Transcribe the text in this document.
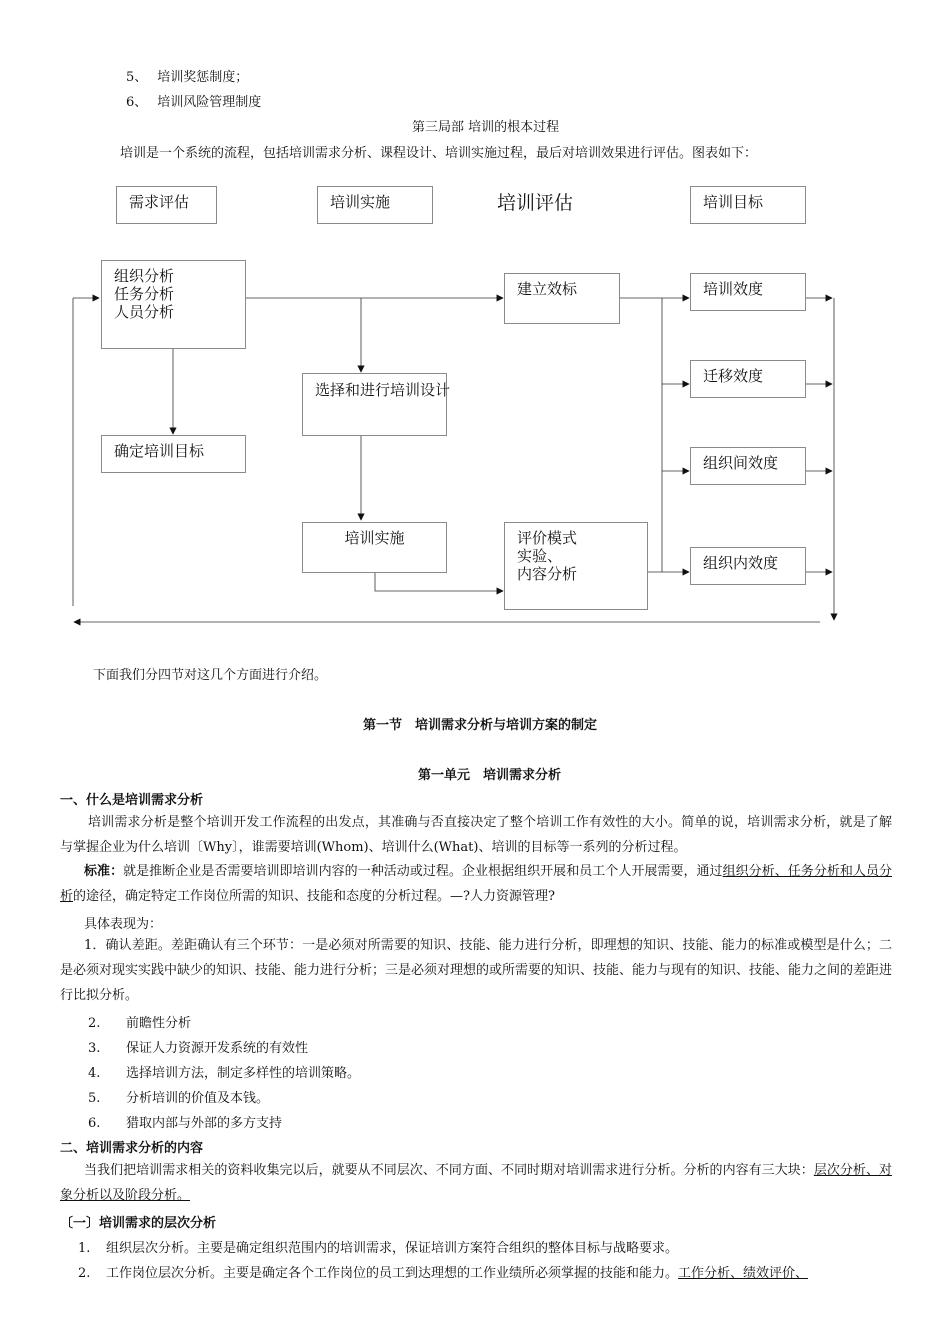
5、 培训奖惩制度；
6、 培训风险管理制度
第三局部 培训的根本过程
培训是一个系统的流程，包括培训需求分析、课程设计、培训实施过程，最后对培训效果进行评估。图表如下：
需求评估	培训实施	培训评估	培训目标
组织分析
任务分析
人员分析
确定培训目标
选择和进行培训设计
培训实施
建立效标
评价模式
实验、
内容分析
培训效度
迁移效度
组织间效度
组织内效度
下面我们分四节对这几个方面进行介绍。
第一节　培训需求分析与培训方案的制定
第一单元　培训需求分析
一、什么是培训需求分析
培训需求分析是整个培训开发工作流程的出发点，其准确与否直接决定了整个培训工作有效性的大小。简单的说，培训需求分析，就是了解与掌握企业为什么培训〔Why〕，谁需要培训(Whom)、培训什么(What)、培训的目标等一系列的分析过程。
标准：就是推断企业是否需要培训即培训内容的一种活动或过程。企业根据组织开展和员工个人开展需要，通过组织分析、任务分析和人员分析的途径，确定特定工作岗位所需的知识、技能和态度的分析过程。—?人力资源管理?
具体表现为：
1．确认差距。差距确认有三个环节：一是必须对所需要的知识、技能、能力进行分析，即理想的知识、技能、能力的标准或模型是什么；二是必须对现实实践中缺少的知识、技能、能力进行分析；三是必须对理想的或所需要的知识、技能、能力与现有的知识、技能、能力之间的差距进行比拟分析。
2. 前瞻性分析
3. 保证人力资源开发系统的有效性
4. 选择培训方法，制定多样性的培训策略。
5. 分析培训的价值及本钱。
6. 猎取内部与外部的多方支持
二、培训需求分析的内容
当我们把培训需求相关的资料收集完以后，就要从不同层次、不同方面、不同时期对培训需求进行分析。分析的内容有三大块：层次分析、对象分析以及阶段分析。
〔一〕培训需求的层次分析
1. 组织层次分析。主要是确定组织范围内的培训需求，保证培训方案符合组织的整体目标与战略要求。
2. 工作岗位层次分析。主要是确定各个工作岗位的员工到达理想的工作业绩所必须掌握的技能和能力。工作分析、绩效评价、
